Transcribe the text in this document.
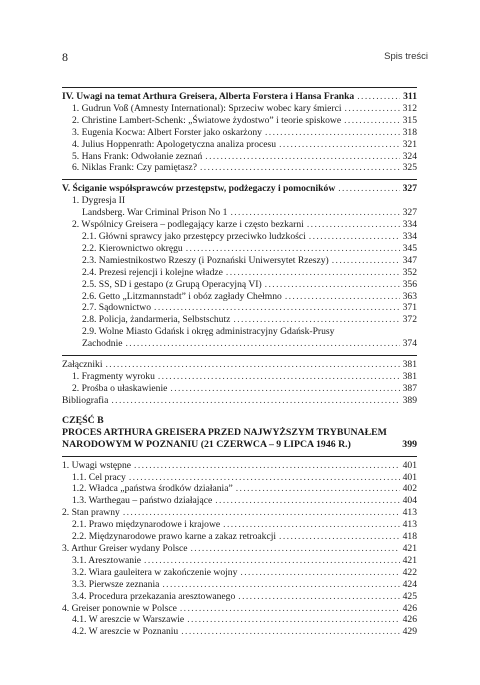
8	Spis treści
IV. Uwagi na temat Arthura Greisera, Alberta Forstera i Hansa Franka . . .	311
1. Gudrun Voß (Amnesty International): Sprzeciw wobec kary śmierci . . .	312
2. Christine Lambert-Schenk: „Światowe żydostwo” i teorie spiskowe . . .	315
3. Eugenia Kocwa: Albert Forster jako oskarżony . . .	318
4. Julius Hoppenrath: Apologetyczna analiza procesu . . .	321
5. Hans Frank: Odwołanie zeznań . . .	324
6. Niklas Frank: Czy pamiętasz? . . .	325
V. Ściganie współsprawców przestępstw, podżegaczy i pomocników . . .	327
1. Dygresja II
Landsberg. War Criminal Prison No 1 . . .	327
2. Wspólnicy Greisera – podlegający karze i często bezkarni . . .	334
2.1. Główni sprawcy jako przestępcy przeciwko ludzkości . . .	334
2.2. Kierownictwo okręgu . . .	345
2.3. Namiestnikostwo Rzeszy (i Poznański Uniwersytet Rzeszy) . . .	347
2.4. Prezesi rejencji i kolejne władze . . .	352
2.5. SS, SD i gestapo (z Grupą Operacyjną VI) . . .	356
2.6. Getto „Litzmannstadt” i obóz zagłady Chełmno . . .	363
2.7. Sądownictwo . . .	371
2.8. Policja, żandarmeria, Selbstschutz . . .	372
2.9. Wolne Miasto Gdańsk i okręg administracyjny Gdańsk-Prusy
Zachodnie . . .	374
Załączniki . . .	381
1. Fragmenty wyroku . . .	381
2. Prośba o ułaskawienie . . .	387
Bibliografia . . .	389
CZĘŚĆ B
PROCES ARTHURA GREISERA PRZED NAJWYŻSZYM TRYBUNAŁEM
NARODOWYM W POZNANIU (21 CZERWCA – 9 LIPCA 1946 R.)	399
1. Uwagi wstępne . . .	401
1.1. Cel pracy . . .	401
1.2. Władca „państwa środków działania” . . .	402
1.3. Warthegau – państwo działające . . .	404
2. Stan prawny . . .	413
2.1. Prawo międzynarodowe i krajowe . . .	413
2.2. Międzynarodowe prawo karne a zakaz retroakcji . . .	418
3. Arthur Greiser wydany Polsce . . .	421
3.1. Aresztowanie . . .	421
3.2. Wiara gauleitera w zakończenie wojny . . .	422
3.3. Pierwsze zeznania . . .	424
3.4. Procedura przekazania aresztowanego . . .	425
4. Greiser ponownie w Polsce . . .	426
4.1. W areszcie w Warszawie . . .	426
4.2. W areszcie w Poznaniu . . .	429
